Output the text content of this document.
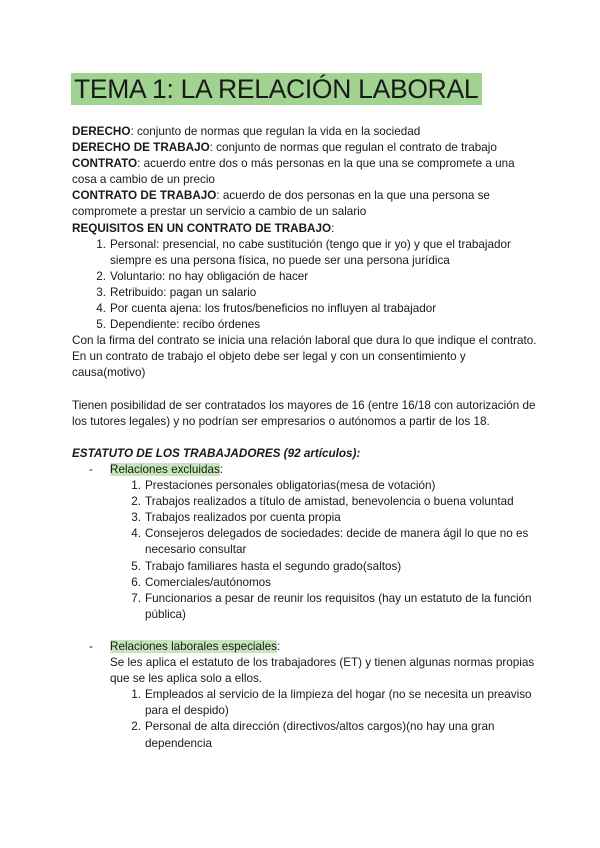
TEMA 1: LA RELACIÓN LABORAL

DERECHO: conjunto de normas que regulan la vida en la sociedad

DERECHO DE TRABAJO: conjunto de normas que regulan el contrato de trabajo

CONTRATO: acuerdo entre dos o más personas en la que una se compromete a una cosa a cambio de un precio

CONTRATO DE TRABAJO: acuerdo de dos personas en la que una persona se compromete a prestar un servicio a cambio de un salario

REQUISITOS EN UN CONTRATO DE TRABAJO:

1. Personal: presencial, no cabe sustitución (tengo que ir yo) y que el trabajador siempre es una persona física, no puede ser una persona jurídica
2. Voluntario: no hay obligación de hacer
3. Retribuido: pagan un salario
4. Por cuenta ajena: los frutos/beneficios no influyen al trabajador
5. Dependiente: recibo órdenes

Con la firma del contrato se inicia una relación laboral que dura lo que indique el contrato. En un contrato de trabajo el objeto debe ser legal y con un consentimiento y causa(motivo)

Tienen posibilidad de ser contratados los mayores de 16 (entre 16/18 con autorización de los tutores legales) y no podrían ser empresarios o autónomos a partir de los 18.

ESTATUTO DE LOS TRABAJADORES (92 artículos):

- Relaciones excluidas:
1. Prestaciones personales obligatorias(mesa de votación)
2. Trabajos realizados a título de amistad, benevolencia o buena voluntad
3. Trabajos realizados por cuenta propia
4. Consejeros delegados de sociedades: decide de manera ágil lo que no es necesario consultar
5. Trabajo familiares hasta el segundo grado(saltos)
6. Comerciales/autónomos
7. Funcionarios a pesar de reunir los requisitos (hay un estatuto de la función pública)
- Relaciones laborales especiales:

Se les aplica el estatuto de los trabajadores (ET) y tienen algunas normas propias que se les aplica solo a ellos.

1. Empleados al servicio de la limpieza del hogar (no se necesita un preaviso para el despido)
2. Personal de alta dirección (directivos/altos cargos)(no hay una gran dependencia
